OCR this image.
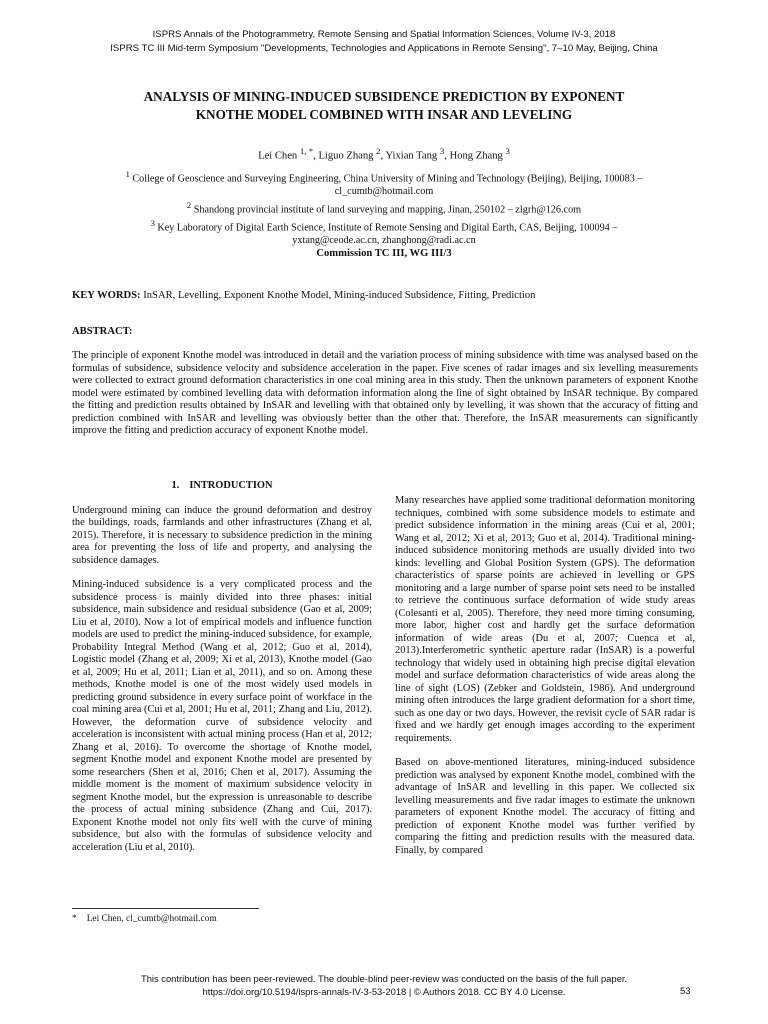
ISPRS Annals of the Photogrammetry, Remote Sensing and Spatial Information Sciences, Volume IV-3, 2018
ISPRS TC III Mid-term Symposium "Developments, Technologies and Applications in Remote Sensing", 7–10 May, Beijing, China
ANALYSIS OF MINING-INDUCED SUBSIDENCE PREDICTION BY EXPONENT
KNOTHE MODEL COMBINED WITH INSAR AND LEVELING
Lei Chen $^{1, *}$, Liguo Zhang $^2$, Yixian Tang $^3$, Hong Zhang $^3$
$^1$ College of Geoscience and Surveying Engineering, China University of Mining and Technology (Beijing), Beijing, 100083 –
cl_cumtb@hotmail.com
$^2$ Shandong provincial institute of land surveying and mapping, Jinan, 250102 – zlgrh@126.com
$^3$ Key Laboratory of Digital Earth Science, Institute of Remote Sensing and Digital Earth, CAS, Beijing, 100094 –
yxtang@ceode.ac.cn, zhanghong@radi.ac.cn
Commission TC III, WG III/3
KEY WORDS: InSAR, Levelling, Exponent Knothe Model, Mining-induced Subsidence, Fitting, Prediction
ABSTRACT:

The principle of exponent Knothe model was introduced in detail and the variation process of mining subsidence with time was analysed based on the formulas of subsidence, subsidence velocity and subsidence acceleration in the paper. Five scenes of radar images and six levelling measurements were collected to extract ground deformation characteristics in one coal mining area in this study. Then the unknown parameters of exponent Knothe model were estimated by combined levelling data with deformation information along the line of sight obtained by InSAR technique. By compared the fitting and prediction results obtained by InSAR and levelling with that obtained only by levelling, it was shown that the accuracy of fitting and prediction combined with InSAR and levelling was obviously better than the other that. Therefore, the InSAR measurements can significantly improve the fitting and prediction accuracy of exponent Knothe model.

1. INTRODUCTION

Underground mining can induce the ground deformation and destroy the buildings, roads, farmlands and other infrastructures (Zhang et al, 2015). Therefore, it is necessary to subsidence prediction in the mining area for preventing the loss of life and property, and analysing the subsidence damages.

Mining-induced subsidence is a very complicated process and the subsidence process is mainly divided into three phases: initial subsidence, main subsidence and residual subsidence (Gao et al, 2009; Liu et al, 2010). Now a lot of empirical models and influence function models are used to predict the mining-induced subsidence, for example, Probability Integral Method (Wang et al, 2012; Guo et al, 2014), Logistic model (Zhang et al, 2009; Xi et al, 2013), Knothe model (Gao et al, 2009; Hu et al, 2011; Lian et al, 2011), and so on. Among these methods, Knothe model is one of the most widely used models in predicting ground subsidence in every surface point of workface in the coal mining area (Cui et al, 2001; Hu et al, 2011; Zhang and Liu, 2012). However, the deformation curve of subsidence velocity and acceleration is inconsistent with actual mining process (Han et al, 2012; Zhang et al, 2016). To overcome the shortage of Knothe model, segment Knothe model and exponent Knothe model are presented by some researchers (Shen et al, 2016; Chen et al, 2017). Assuming the middle moment is the moment of maximum subsidence velocity in segment Knothe model, but the expression is unreasonable to describe the process of actual mining subsidence (Zhang and Cui, 2017). Exponent Knothe model not only fits well with the curve of mining subsidence, but also with the formulas of subsidence velocity and acceleration (Liu et al, 2010).

Many researches have applied some traditional deformation monitoring techniques, combined with some subsidence models to estimate and predict subsidence information in the mining areas (Cui et al, 2001; Wang et al, 2012; Xi et al, 2013; Guo et al, 2014). Traditional mining-induced subsidence monitoring methods are usually divided into two kinds: levelling and Global Position System (GPS). The deformation characteristics of sparse points are achieved in levelling or GPS monitoring and a large number of sparse point sets need to be installed to retrieve the continuous surface deformation of wide study areas (Colesanti et al, 2005). Therefore, they need more timing consuming, more labor, higher cost and hardly get the surface deformation information of wide areas (Du et al, 2007; Cuenca et al, 2013).Interferometric synthetic aperture radar (InSAR) is a powerful technology that widely used in obtaining high precise digital elevation model and surface deformation characteristics of wide areas along the line of sight (LOS) (Zebker and Goldstein, 1986). And underground mining often introduces the large gradient deformation for a short time, such as one day or two days. However, the revisit cycle of SAR radar is fixed and we hardly get enough images according to the experiment requirements.

Based on above-mentioned literatures, mining-induced subsidence prediction was analysed by exponent Knothe model, combined with the advantage of InSAR and levelling in this paper. We collected six levelling measurements and five radar images to estimate the unknown parameters of exponent Knothe model. The accuracy of fitting and prediction of exponent Knothe model was further verified by comparing the fitting and prediction results with the measured data. Finally, by compared

* Lei Chen, cl_cumtb@hotmail.com
This contribution has been peer-reviewed. The double-blind peer-review was conducted on the basis of the full paper.
https://doi.org/10.5194/isprs-annals-IV-3-53-2018 | © Authors 2018. CC BY 4.0 License.	53
